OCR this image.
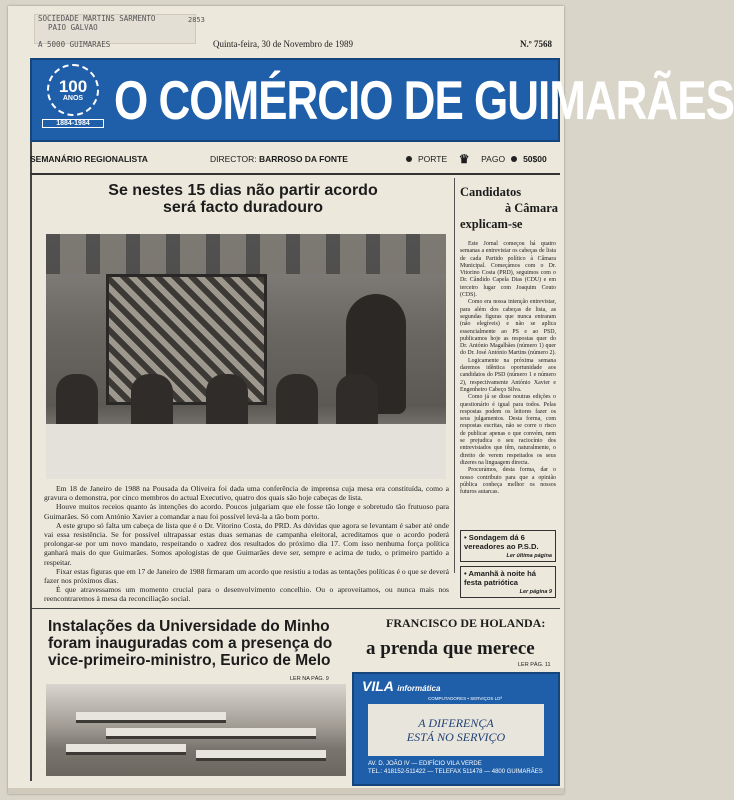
SOCIEDADE MARTINS SARMENTO
PAIO GALVAO
A 5000 GUIMARAES
2853
Quinta-feira, 30 de Novembro de 1989	N.º 7568
100
ANOS
1884-1984 O COMÉRCIO DE GUIMARÃES
SEMANÁRIO REGIONALISTA	DIRECTOR: BARROSO DA FONTE	PORTE ♛	PAGO 50$00
Se nestes 15 dias não partir acordo
será facto duradouro

Em 18 de Janeiro de 1988 na Pousada da Oliveira foi dada uma conferência de imprensa cuja mesa era constituída, como a gravura o demonstra, por cinco membros do actual Executivo, quatro dos quais são hoje cabeças de lista.

Houve muitos receios quanto às intenções do acordo. Poucos julgariam que ele fosse tão longe e sobretudo tão frutuoso para Guimarães. Só com António Xavier a comandar a nau foi possível levá-la a tão bom porto.

A este grupo só falta um cabeça de lista que é o Dr. Vitorino Costa, do PRD. As dúvidas que agora se levantam é saber até onde vai essa resistência. Se for possível ultrapassar estas duas semanas de campanha eleitoral, acreditamos que o acordo poderá prolongar-se por um novo mandato, respeitando o xadrez dos resultados do próximo dia 17. Com isso nenhuma força política ganhará mais do que Guimarães. Somos apologistas de que Guimarães deve ser, sempre e acima de tudo, o primeiro partido a respeitar.

Fixar estas figuras que em 17 de Janeiro de 1988 firmaram um acordo que resistiu a todas as tentações políticas é o que se deverá fazer nos próximos dias.

É que atravessamos um momento crucial para o desenvolvimento concelhio. Ou o aproveitamos, ou nunca mais nos reencontraremos à mesa da reconciliação social.

Candidatos
à Câmara
explicam-se

Este Jornal começou há quatro semanas a entrevistar os cabeças de lista de cada Partido político à Câmara Municipal. Começámos com o Dr. Vitorino Costa (PRD), seguimos com o Dr. Cândido Capela Dias (CDU) e em terceiro lugar com Joaquim Couto (CDS).

Como era nossa intenção entrevistar, para além dos cabeças de lista, as segundas figuras que nunca entraram (não elegíveis) e não se aplica essencialmente ao PS e ao PSD, publicamos hoje as respostas quer do Dr. António Magalhães (número 1) quer do Dr. José António Martins (número 2).

Logicamente na próxima semana daremos idêntica oportunidade aos candidatos do PSD (número 1 e número 2), respectivamente António Xavier e Engenheiro Cabeço Silva.

Como já se disse noutras edições o questionário é igual para todos. Pelas respostas podem os leitores fazer os seus julgamentos. Desta forma, com respostas escritas, não se corre o risco de publicar apenas o que convém, nem se prejudica o seu raciocínio dos entrevistados que têm, naturalmente, o direito de verem respeitados os seus dizeres na linguagem directa.

Procurámos, desta forma, dar o nosso contributo para que a opinião pública conheça melhor os nossos futuros autarcas.

• Sondagem dá 6 vereadores ao P.S.D.
Ler última página
• Amanhã à noite há festa patriótica
Ler página 9
Instalações da Universidade do Minho foram inauguradas com a presença do vice-primeiro-ministro, Eurico de Melo
LER NA PÁG. 9
FRANCISCO DE HOLANDA:
a prenda que merece
LER PÁG. 11
VILA informática
COMPUTADORES • SERVIÇOS LDª
A DIFERENÇA
ESTÁ NO SERVIÇO
AV. D. JOÃO IV — EDIFÍCIO VILA VERDE
TEL.: 418152-511422 — TELEFAX 511478 — 4800 GUIMARÃES
